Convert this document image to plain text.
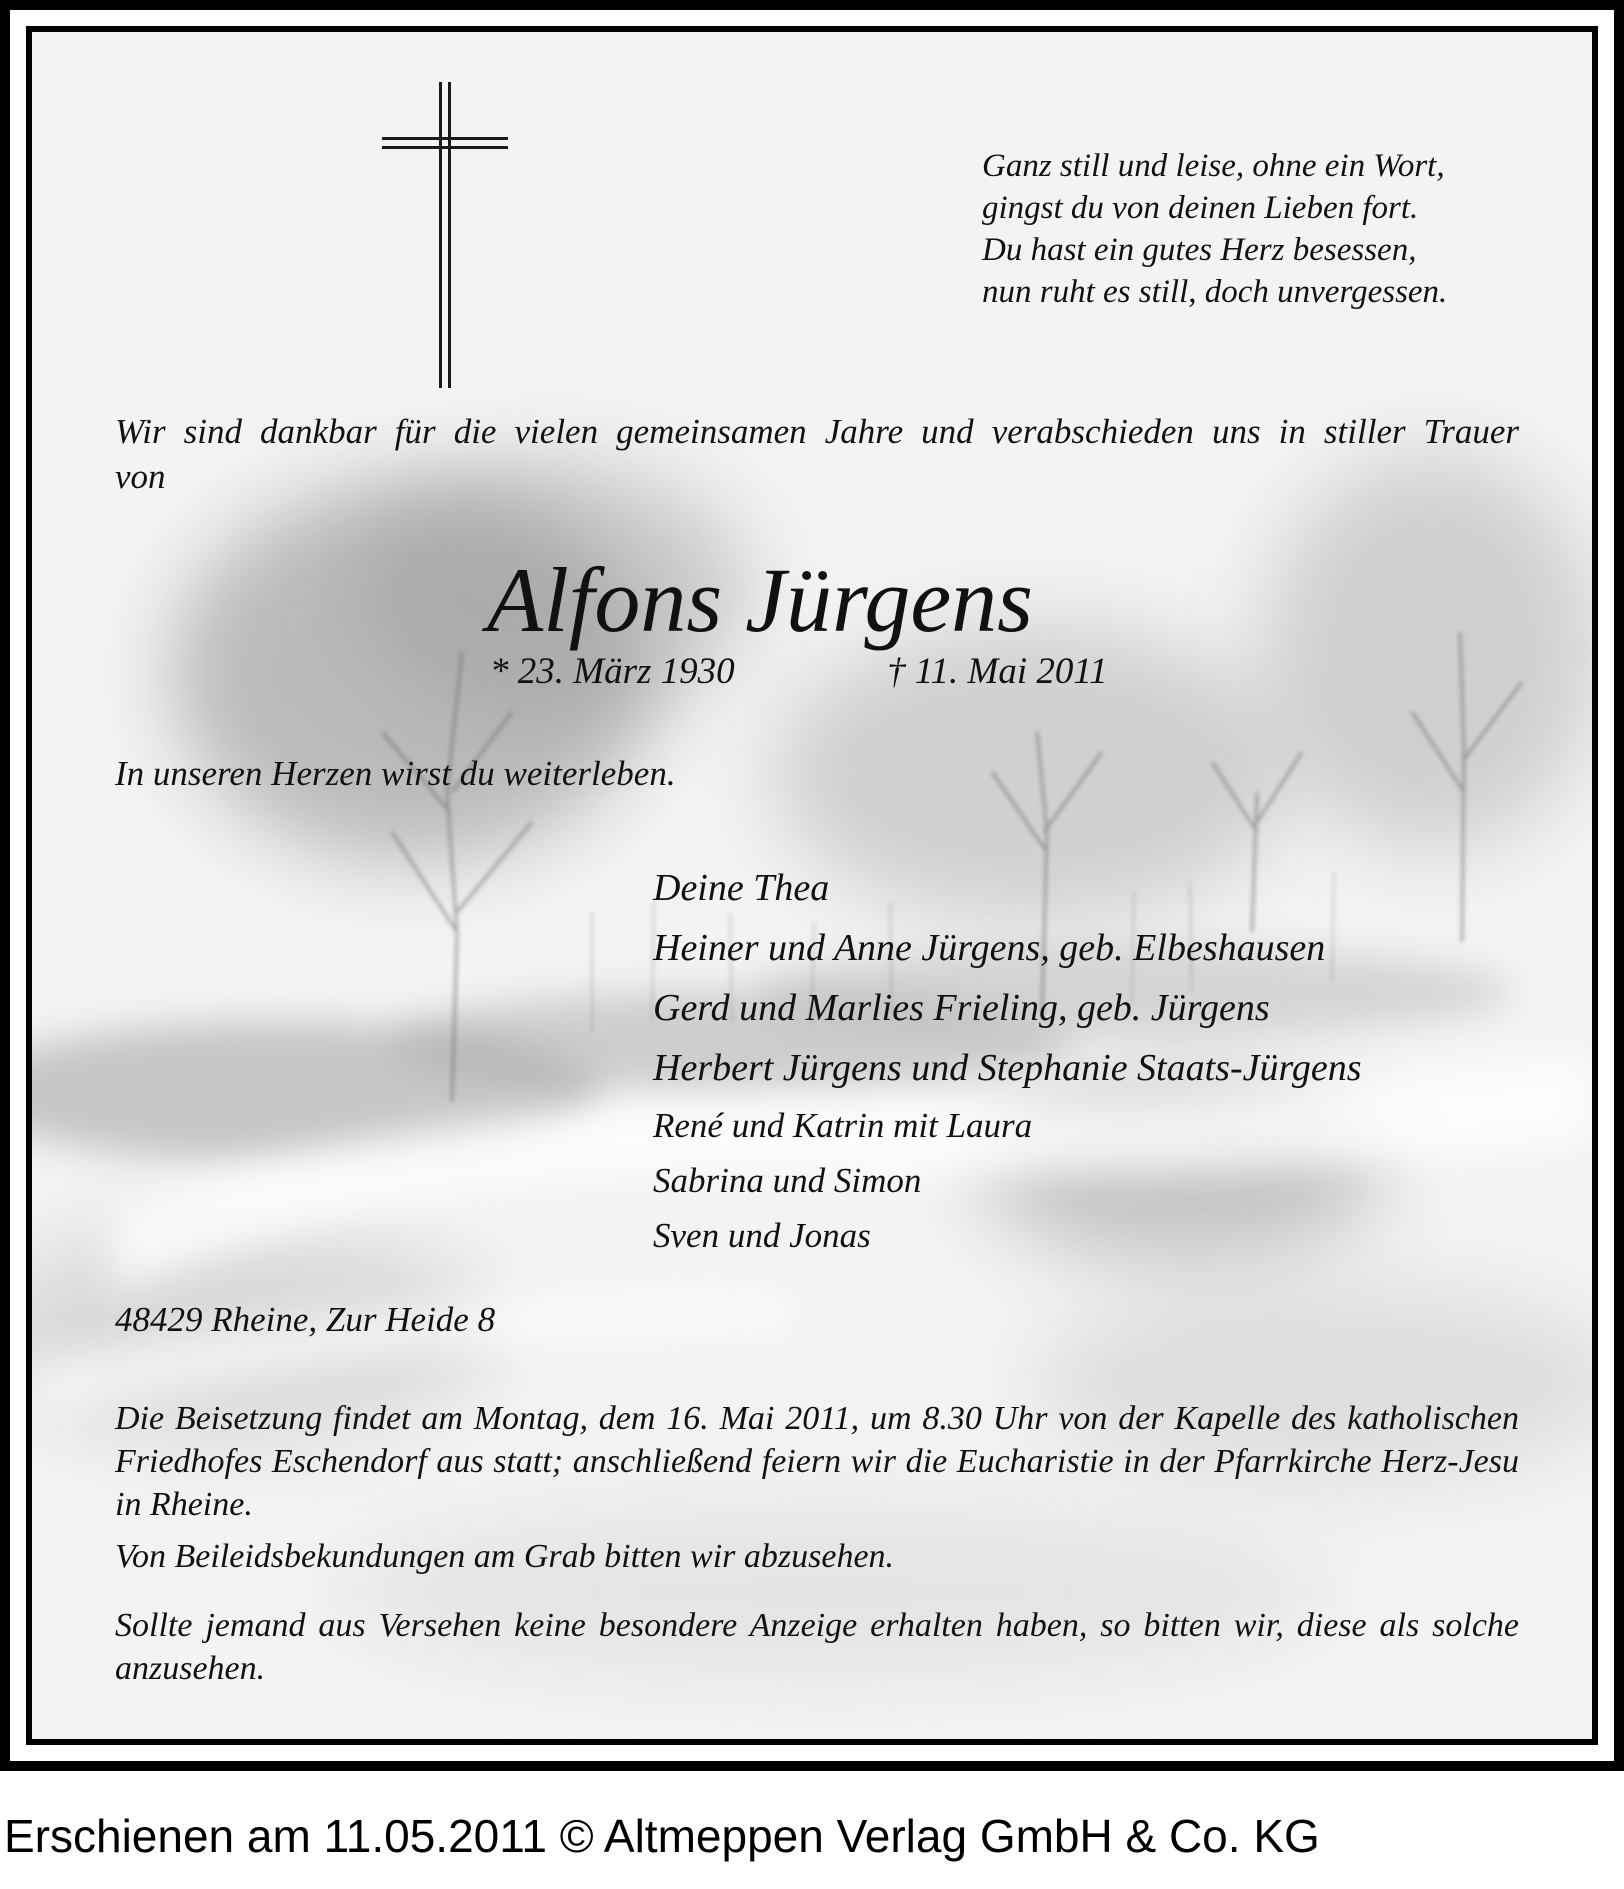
Ganz still und leise, ohne ein Wort,
gingst du von deinen Lieben fort.
Du hast ein gutes Herz besessen,
nun ruht es still, doch unvergessen.
Wir sind dankbar für die vielen gemeinsamen Jahre und verabschieden uns in stiller Trauer von
Alfons Jürgens
* 23. März 1930	† 11. Mai 2011
In unseren Herzen wirst du weiterleben.
Deine Thea
Heiner und Anne Jürgens, geb. Elbeshausen
Gerd und Marlies Frieling, geb. Jürgens
Herbert Jürgens und Stephanie Staats-Jürgens
René und Katrin mit Laura
Sabrina und Simon
Sven und Jonas
48429 Rheine, Zur Heide 8
Die Beisetzung findet am Montag, dem 16. Mai 2011, um 8.30 Uhr von der Kapelle des katholischen Friedhofes Eschendorf aus statt; anschließend feiern wir die Eucharistie in der Pfarrkirche Herz-Jesu in Rheine.
Von Beileidsbekundungen am Grab bitten wir abzusehen.
Sollte jemand aus Versehen keine besondere Anzeige erhalten haben, so bitten wir, diese als solche anzusehen.
Erschienen am 11.05.2011 © Altmeppen Verlag GmbH & Co. KG
